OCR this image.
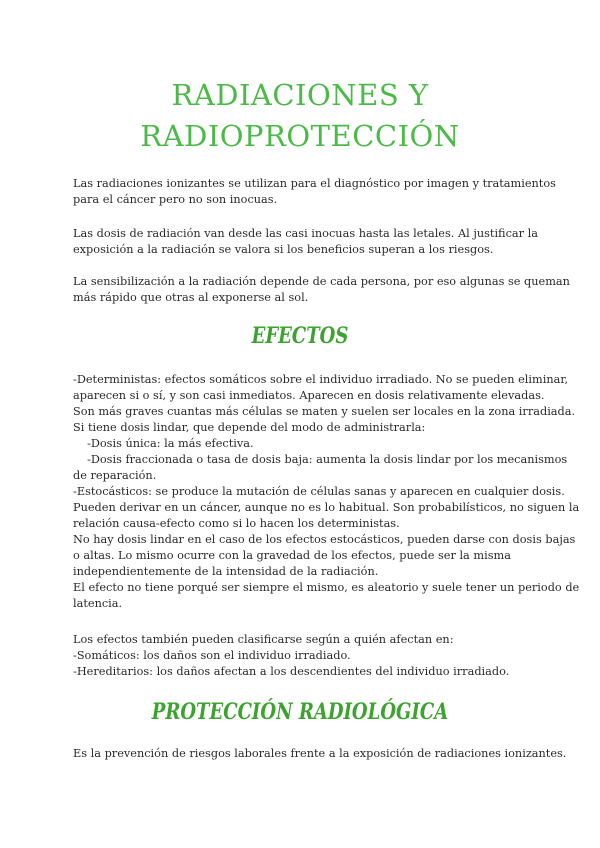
RADIACIONES Y
RADIOPROTECCIÓN

Las radiaciones ionizantes se utilizan para el diagnóstico por imagen y tratamientos
para el cáncer pero no son inocuas.

Las dosis de radiación van desde las casi inocuas hasta las letales. Al justificar la
exposición a la radiación se valora si los beneficios superan a los riesgos.

La sensibilización a la radiación depende de cada persona, por eso algunas se queman
más rápido que otras al exponerse al sol.

EFECTOS

-Deterministas: efectos somáticos sobre el individuo irradiado. No se pueden eliminar,
aparecen si o sí, y son casi inmediatos. Aparecen en dosis relativamente elevadas.
Son más graves cuantas más células se maten y suelen ser locales en la zona irradiada.
Si tiene dosis lindar, que depende del modo de administrarla:
-Dosis única: la más efectiva.
-Dosis fraccionada o tasa de dosis baja: aumenta la dosis lindar por los mecanismos
de reparación.
-Estocásticos: se produce la mutación de células sanas y aparecen en cualquier dosis.
Pueden derivar en un cáncer, aunque no es lo habitual. Son probabilísticos, no siguen la
relación causa-efecto como si lo hacen los deterministas.
No hay dosis lindar en el caso de los efectos estocásticos, pueden darse con dosis bajas
o altas. Lo mismo ocurre con la gravedad de los efectos, puede ser la misma
independientemente de la intensidad de la radiación.
El efecto no tiene porqué ser siempre el mismo, es aleatorio y suele tener un periodo de
latencia.

Los efectos también pueden clasificarse según a quién afectan en:
-Somáticos: los daños son el individuo irradiado.
-Hereditarios: los daños afectan a los descendientes del individuo irradiado.

PROTECCIÓN RADIOLÓGICA

Es la prevención de riesgos laborales frente a la exposición de radiaciones ionizantes.
